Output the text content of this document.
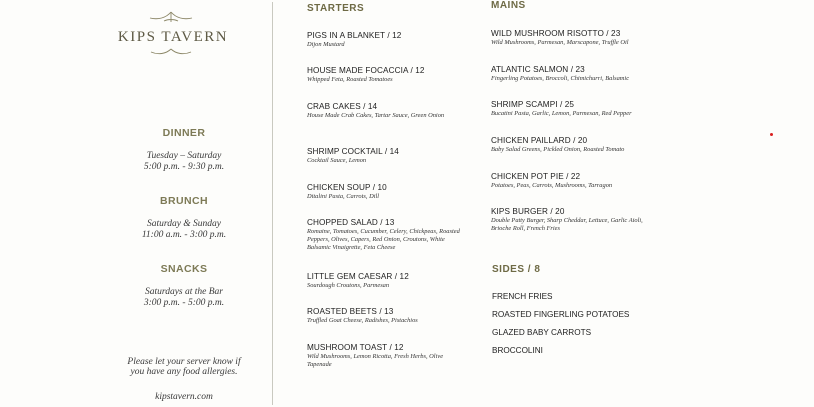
KIPS TAVERN
DINNER
Tuesday – Saturday
5:00 p.m. - 9:30 p.m.
BRUNCH
Saturday & Sunday
11:00 a.m. - 3:00 p.m.
SNACKS
Saturdays at the Bar
3:00 p.m. - 5:00 p.m.
Please let your server know if
you have any food allergies.
kipstavern.com
STARTERS
PIGS IN A BLANKET / 12
Dijon Mustard
HOUSE MADE FOCACCIA / 12
Whipped Feta, Roasted Tomatoes
CRAB CAKES / 14
House Made Crab Cakes, Tartar Sauce, Green Onion
SHRIMP COCKTAIL / 14
Cocktail Sauce, Lemon
CHICKEN SOUP / 10
Ditalini Pasta, Carrots, Dill
CHOPPED SALAD / 13
Romaine, Tomatoes, Cucumber, Celery, Chickpeas, Roasted Peppers, Olives, Capers, Red Onion, Croutons, White Balsamic Vinaigrette, Feta Cheese
LITTLE GEM CAESAR / 12
Sourdough Croutons, Parmesan
ROASTED BEETS / 13
Truffled Goat Cheese, Radishes, Pistachios
MUSHROOM TOAST / 12
Wild Mushrooms, Lemon Ricotta, Fresh Herbs, Olive Tapenade
MAINS
WILD MUSHROOM RISOTTO / 23
Wild Mushrooms, Parmesan, Marscapone, Truffle Oil
ATLANTIC SALMON / 23
Fingerling Potatoes, Broccoli, Chimichurri, Balsamic
SHRIMP SCAMPI / 25
Bucatini Pasta, Garlic, Lemon, Parmesan, Red Pepper
CHICKEN PAILLARD / 20
Baby Salad Greens, Pickled Onion, Roasted Tomato
CHICKEN POT PIE / 22
Potatoes, Peas, Carrots, Mushrooms, Tarragon
KIPS BURGER / 20
Double Patty Burger, Sharp Cheddar, Lettuce, Garlic Aioli, Brioche Roll, French Fries
SIDES / 8
FRENCH FRIES
ROASTED FINGERLING POTATOES
GLAZED BABY CARROTS
BROCCOLINI
